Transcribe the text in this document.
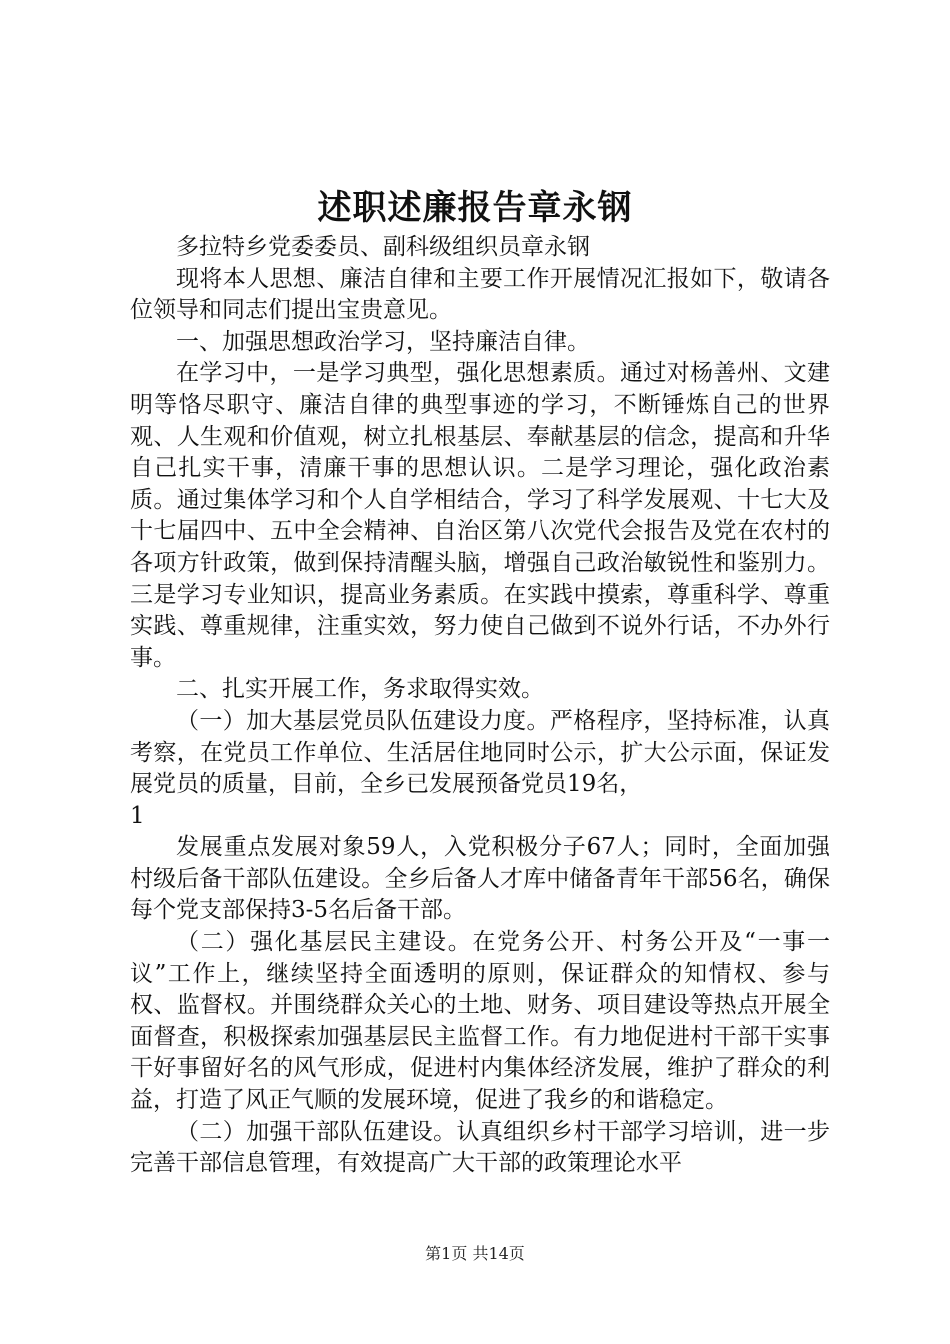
述职述廉报告章永钢

多拉特乡党委委员、副科级组织员章永钢

现将本人思想、廉洁自律和主要工作开展情况汇报如下，敬请各位领导和同志们提出宝贵意见。

一、加强思想政治学习，坚持廉洁自律。

在学习中，一是学习典型，强化思想素质。通过对杨善州、文建明等恪尽职守、廉洁自律的典型事迹的学习，不断锤炼自己的世界观、人生观和价值观，树立扎根基层、奉献基层的信念，提高和升华自己扎实干事，清廉干事的思想认识。二是学习理论，强化政治素质。通过集体学习和个人自学相结合，学习了科学发展观、十七大及十七届四中、五中全会精神、自治区第八次党代会报告及党在农村的各项方针政策，做到保持清醒头脑，增强自己政治敏锐性和鉴别力。三是学习专业知识，提高业务素质。在实践中摸索，尊重科学、尊重实践、尊重规律，注重实效，努力使自己做到不说外行话，不办外行事。

二、扎实开展工作，务求取得实效。

（一）加大基层党员队伍建设力度。严格程序，坚持标准，认真考察，在党员工作单位、生活居住地同时公示，扩大公示面，保证发展党员的质量，目前，全乡已发展预备党员19名，

1

发展重点发展对象59人，入党积极分子67人；同时，全面加强村级后备干部队伍建设。全乡后备人才库中储备青年干部56名，确保每个党支部保持3-5名后备干部。

（二）强化基层民主建设。在党务公开、村务公开及“一事一议”工作上，继续坚持全面透明的原则，保证群众的知情权、参与权、监督权。并围绕群众关心的土地、财务、项目建设等热点开展全面督查，积极探索加强基层民主监督工作。有力地促进村干部干实事干好事留好名的风气形成，促进村内集体经济发展，维护了群众的利益，打造了风正气顺的发展环境，促进了我乡的和谐稳定。

（二）加强干部队伍建设。认真组织乡村干部学习培训，进一步完善干部信息管理，有效提高广大干部的政策理论水平

第1页 共14页
